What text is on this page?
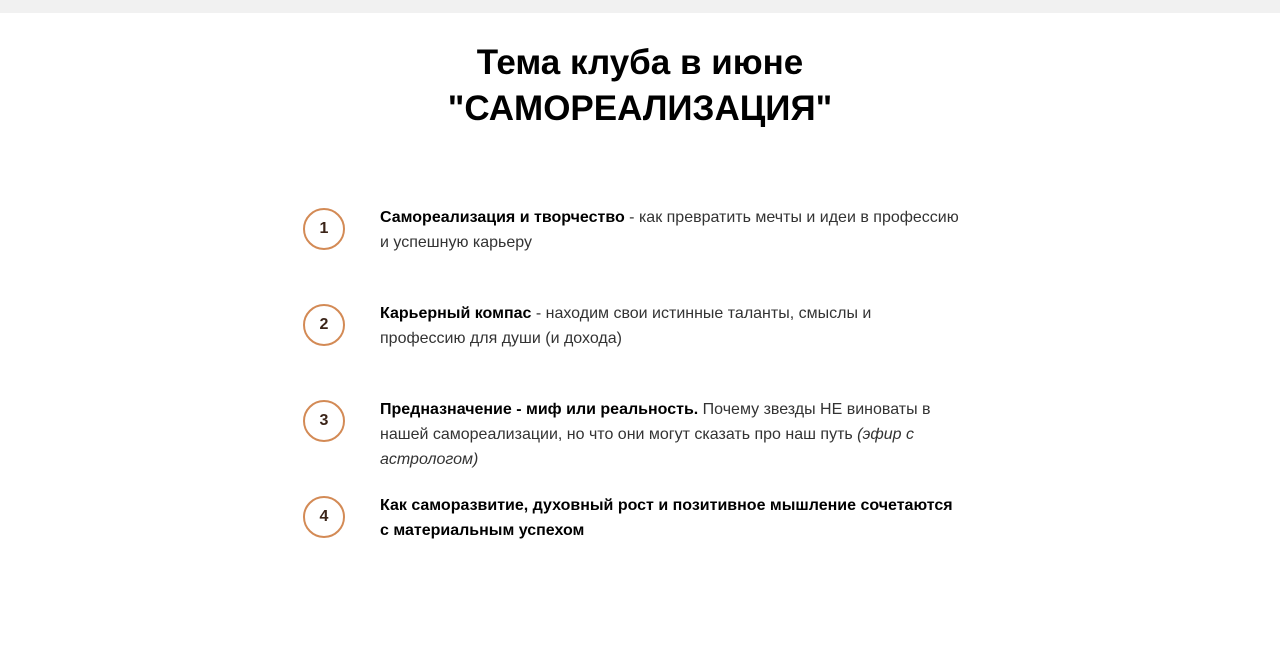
Тема клуба в июне
"САМОРЕАЛИЗАЦИЯ"
1
Самореализация и творчество - как превратить мечты и идеи в профессию и успешную карьеру
2
Карьерный компас - находим свои истинные таланты, смыслы и профессию для души (и дохода)
3
Предназначение - миф или реальность. Почему звезды НЕ виноваты в нашей самореализации, но что они могут сказать про наш путь (эфир с астрологом)
4
Как саморазвитие, духовный рост и позитивное мышление сочетаются с материальным успехом
